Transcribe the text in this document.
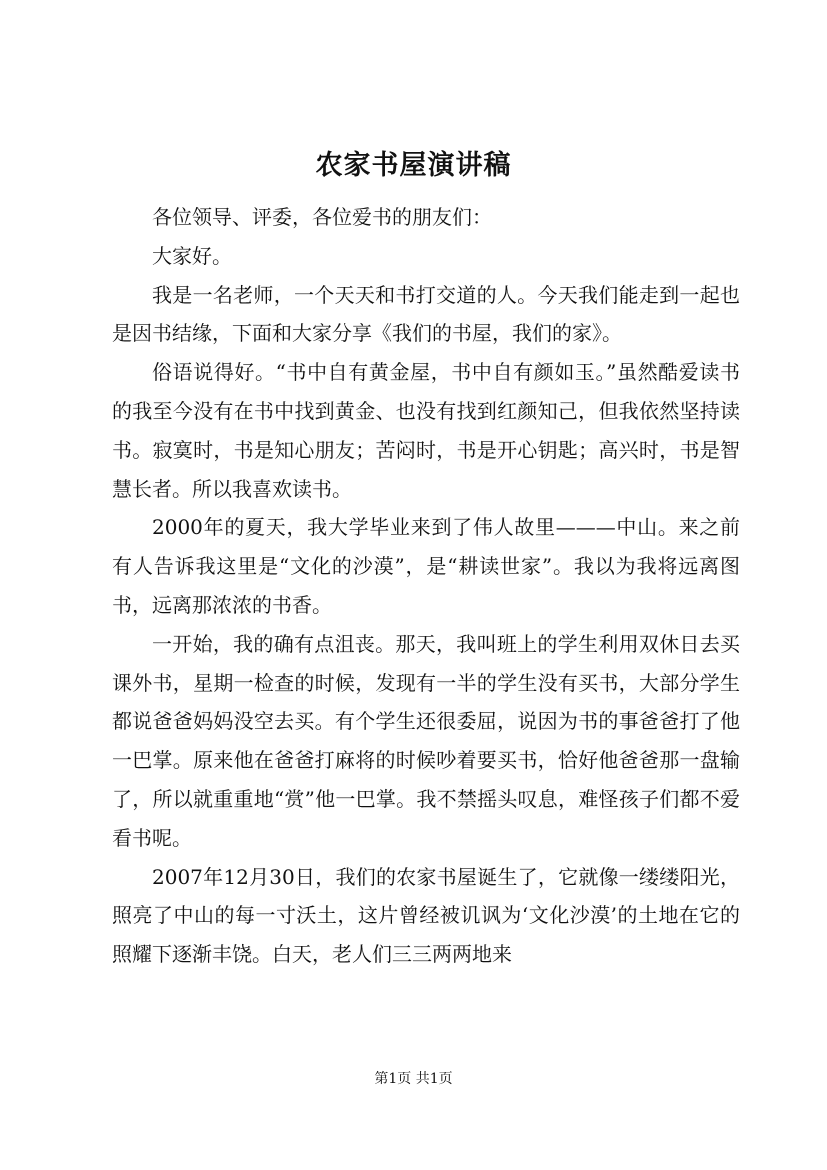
农家书屋演讲稿

各位领导、评委，各位爱书的朋友们：

大家好。

我是一名老师，一个天天和书打交道的人。今天我们能走到一起也是因书结缘，下面和大家分享《我们的书屋，我们的家》。

俗语说得好。“书中自有黄金屋，书中自有颜如玉。”虽然酷爱读书的我至今没有在书中找到黄金、也没有找到红颜知己，但我依然坚持读书。寂寞时，书是知心朋友；苦闷时，书是开心钥匙；高兴时，书是智慧长者。所以我喜欢读书。

2000年的夏天，我大学毕业来到了伟人故里———中山。来之前有人告诉我这里是“文化的沙漠”，是“耕读世家”。我以为我将远离图书，远离那浓浓的书香。

一开始，我的确有点沮丧。那天，我叫班上的学生利用双休日去买课外书，星期一检查的时候，发现有一半的学生没有买书，大部分学生都说爸爸妈妈没空去买。有个学生还很委屈，说因为书的事爸爸打了他一巴掌。原来他在爸爸打麻将的时候吵着要买书，恰好他爸爸那一盘输了，所以就重重地“赏”他一巴掌。我不禁摇头叹息，难怪孩子们都不爱看书呢。

2007年12月30日，我们的农家书屋诞生了，它就像一缕缕阳光，照亮了中山的每一寸沃土，这片曾经被讥讽为‘文化沙漠’的土地在它的照耀下逐渐丰饶。白天，老人们三三两两地来

第1页 共1页
